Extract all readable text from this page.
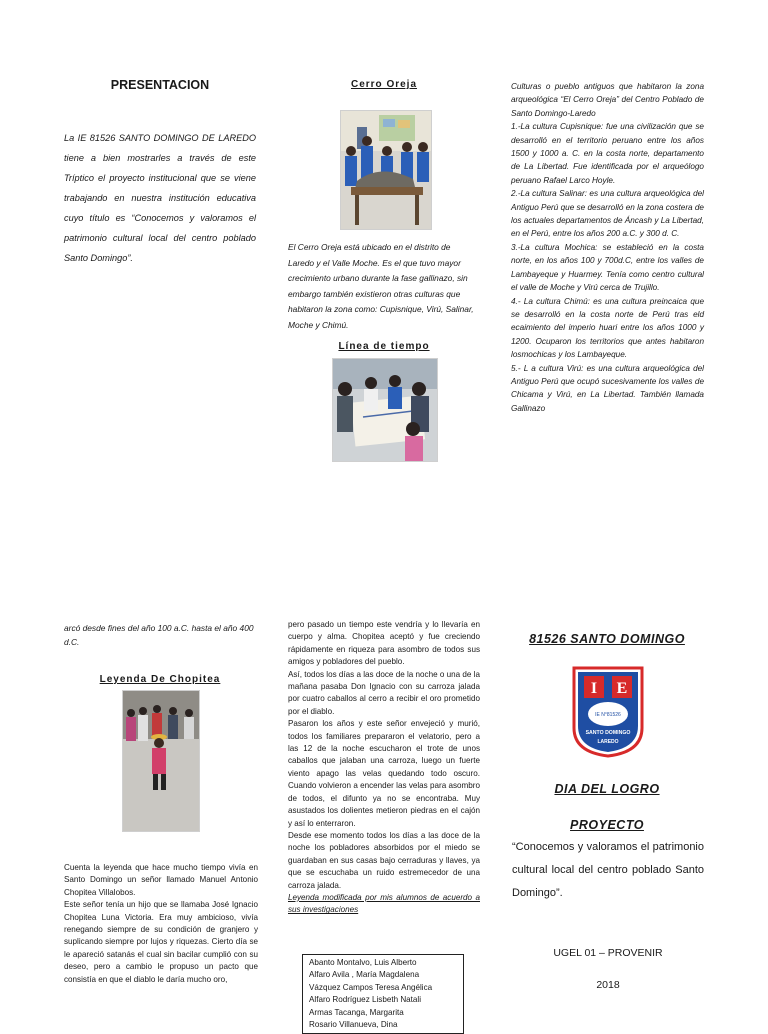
PRESENTACION

La IE 81526 SANTO DOMINGO DE LAREDO tiene a bien mostrarles a través de este Tríptico el proyecto institucional que se viene trabajando en nuestra institución educativa cuyo título es “Conocemos y valoramos el patrimonio cultural local del centro poblado Santo Domingo”.

Cerro Oreja

El Cerro Oreja está ubicado en el distrito de Laredo y el Valle Moche. Es el que tuvo mayor crecimiento urbano durante la fase gallinazo, sin embargo también existieron otras culturas que habitaron la zona como: Cupisnique, Virú, Salinar, Moche y Chimú.

Línea de tiempo

Culturas o pueblo antiguos que habitaron la zona arqueológica “El Cerro Oreja” del Centro Poblado de Santo Domingo-Laredo

1.-La cultura Cupisnique: fue una civilización que se desarrolló en el territorio peruano entre los años 1500 y 1000 a. C. en la costa norte, departamento de La Libertad. Fue identificada por el arqueólogo peruano Rafael Larco Hoyle.

2.-La cultura Salinar: es una cultura arqueológica del Antiguo Perú que se desarrolló en la zona costera de los actuales departamentos de Áncash y La Libertad, en el Perú, entre los años 200 a.C. y 300 d. C.

3.-La cultura Mochica: se estableció en la costa norte, en los años 100 y 700d.C, entre los valles de Lambayeque y Huarmey. Tenía como centro cultural el valle de Moche y Virú cerca de Trujillo.

4.- La cultura Chimú: es una cultura preincaica que se desarrolló en la costa norte de Perú tras eld ecaimiento del imperio huari entre los años 1000 y 1200. Ocuparon los territorios que antes habitaron losmochicas y los Lambayeque.

5.- L a cultura Virú: es una cultura arqueológica del Antiguo Perú que ocupó sucesivamente los valles de Chicama y Virú, en La Libertad. También llamada Gallinazo

arcó desde fines del año 100 a.C. hasta el año 400 d.C.

Leyenda De Chopitea

Cuenta la leyenda que hace mucho tiempo vivía en Santo Domingo un señor llamado Manuel Antonio Chopitea Villalobos.

Este señor tenía un hijo que se llamaba José Ignacio Chopitea Luna Victoria. Era muy ambicioso, vivía renegando siempre de su condición de granjero y suplicando siempre por lujos y riquezas. Cierto día se le apareció satanás el cual sin bacilar cumplió con su deseo, pero a cambio le propuso un pacto que consistía en que el diablo le daría mucho oro,

pero pasado un tiempo este vendría y lo llevaría en cuerpo y alma. Chopitea aceptó y fue creciendo rápidamente en riqueza para asombro de todos sus amigos y pobladores del pueblo.

Así, todos los días a las doce de la noche o una de la mañana pasaba Don Ignacio con su carroza jalada por cuatro caballos al cerro a recibir el oro prometido por el diablo.

Pasaron los años y este señor envejeció y murió, todos los familiares prepararon el velatorio, pero a las 12 de la noche escucharon el trote de unos caballos que jalaban una carroza, luego un fuerte viento apago las velas quedando todo oscuro. Cuando volvieron a encender las velas para asombro de todos, el difunto ya no se encontraba. Muy asustados los dolientes metieron piedras en el cajón y así lo enterraron.

Desde ese momento todos los días a las doce de la noche los pobladores absorbidos por el miedo se guardaban en sus casas bajo cerraduras y llaves, ya que se escuchaba un ruido estremecedor de una carroza jalada.

Leyenda modificada por mis alumnos de acuerdo a sus investigaciones

Abanto Montalvo, Luis Alberto
Alfaro Avila , María Magdalena
Vázquez Campos Teresa Angélica
Alfaro Rodríguez Lisbeth Natali
Armas Tacanga, Margarita
Rosario Villanueva, Dina
81526 SANTO DOMINGO
I E
IE N°81526
SANTO DOMINGO
LAREDO
DIA DEL LOGRO
PROYECTO

“Conocemos y valoramos el patrimonio cultural local del centro poblado Santo Domingo”.

UGEL 01 – PROVENIR
2018
